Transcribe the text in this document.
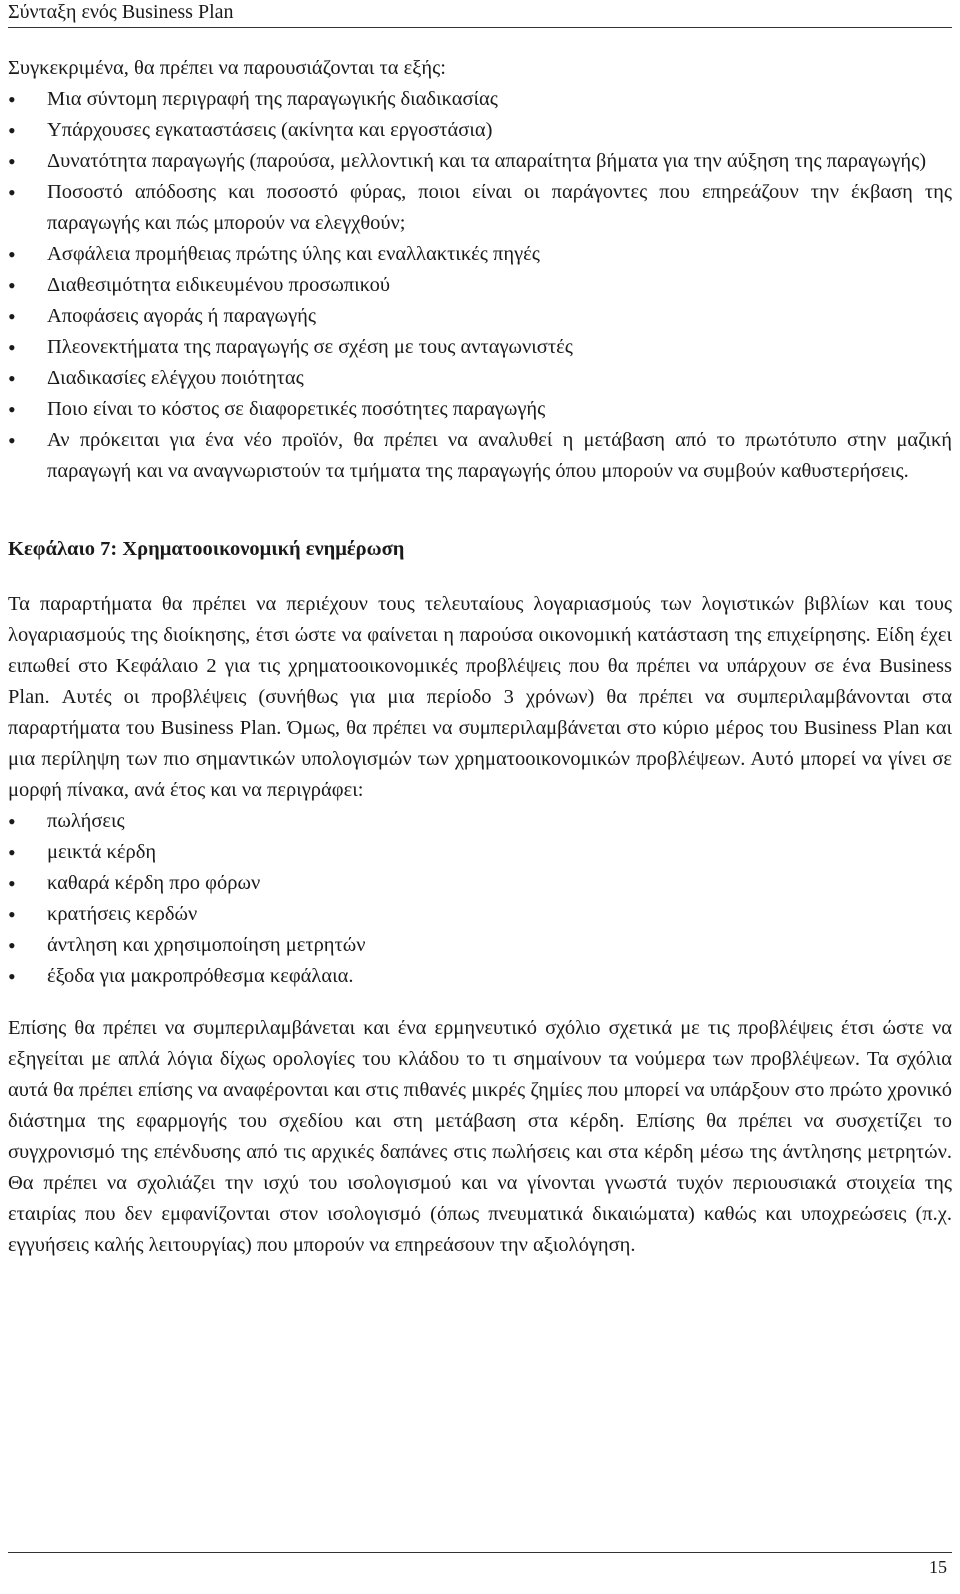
Σύνταξη ενός Business Plan
Συγκεκριμένα, θα πρέπει να παρουσιάζονται τα εξής:
• Μια σύντομη περιγραφή της παραγωγικής διαδικασίας
• Υπάρχουσες εγκαταστάσεις (ακίνητα και εργοστάσια)
• Δυνατότητα παραγωγής (παρούσα, μελλοντική και τα απαραίτητα βήματα για την αύξηση της παραγωγής)
• Ποσοστό απόδοσης και ποσοστό φύρας, ποιοι είναι οι παράγοντες που επηρεάζουν την έκβαση της παραγωγής και πώς μπορούν να ελεγχθούν;
• Ασφάλεια προμήθειας πρώτης ύλης και εναλλακτικές πηγές
• Διαθεσιμότητα ειδικευμένου προσωπικού
• Αποφάσεις αγοράς ή παραγωγής
• Πλεονεκτήματα της παραγωγής σε σχέση με τους ανταγωνιστές
• Διαδικασίες ελέγχου ποιότητας
• Ποιο είναι το κόστος σε διαφορετικές ποσότητες παραγωγής
• Αν πρόκειται για ένα νέο προϊόν, θα πρέπει να αναλυθεί η μετάβαση από το πρωτότυπο στην μαζική παραγωγή και να αναγνωριστούν τα τμήματα της παραγωγής όπου μπορούν να συμβούν καθυστερήσεις.
Κεφάλαιο 7: Χρηματοοικονομική ενημέρωση

Τα παραρτήματα θα πρέπει να περιέχουν τους τελευταίους λογαριασμούς των λογιστικών βιβλίων και τους λογαριασμούς της διοίκησης, έτσι ώστε να φαίνεται η παρούσα οικονομική κατάσταση της επιχείρησης. Είδη έχει ειπωθεί στο Κεφάλαιο 2 για τις χρηματοοικονομικές προβλέψεις που θα πρέπει να υπάρχουν σε ένα Business Plan. Αυτές οι προβλέψεις (συνήθως για μια περίοδο 3 χρόνων) θα πρέπει να συμπεριλαμβάνονται στα παραρτήματα του Business Plan. Όμως, θα πρέπει να συμπεριλαμβάνεται στο κύριο μέρος του Business Plan και μια περίληψη των πιο σημαντικών υπολογισμών των χρηματοοικονομικών προβλέψεων. Αυτό μπορεί να γίνει σε μορφή πίνακα, ανά έτος και να περιγράφει:

• πωλήσεις
• μεικτά κέρδη
• καθαρά κέρδη προ φόρων
• κρατήσεις κερδών
• άντληση και χρησιμοποίηση μετρητών
• έξοδα για μακροπρόθεσμα κεφάλαια.

Επίσης θα πρέπει να συμπεριλαμβάνεται και ένα ερμηνευτικό σχόλιο σχετικά με τις προβλέψεις έτσι ώστε να εξηγείται με απλά λόγια δίχως ορολογίες του κλάδου το τι σημαίνουν τα νούμερα των προβλέψεων. Τα σχόλια αυτά θα πρέπει επίσης να αναφέρονται και στις πιθανές μικρές ζημίες που μπορεί να υπάρξουν στο πρώτο χρονικό διάστημα της εφαρμογής του σχεδίου και στη μετάβαση στα κέρδη. Επίσης θα πρέπει να συσχετίζει το συγχρονισμό της επένδυσης από τις αρχικές δαπάνες στις πωλήσεις και στα κέρδη μέσω της άντλησης μετρητών. Θα πρέπει να σχολιάζει την ισχύ του ισολογισμού και να γίνονται γνωστά τυχόν περιουσιακά στοιχεία της εταιρίας που δεν εμφανίζονται στον ισολογισμό (όπως πνευματικά δικαιώματα) καθώς και υποχρεώσεις (π.χ. εγγυήσεις καλής λειτουργίας) που μπορούν να επηρεάσουν την αξιολόγηση.

15
